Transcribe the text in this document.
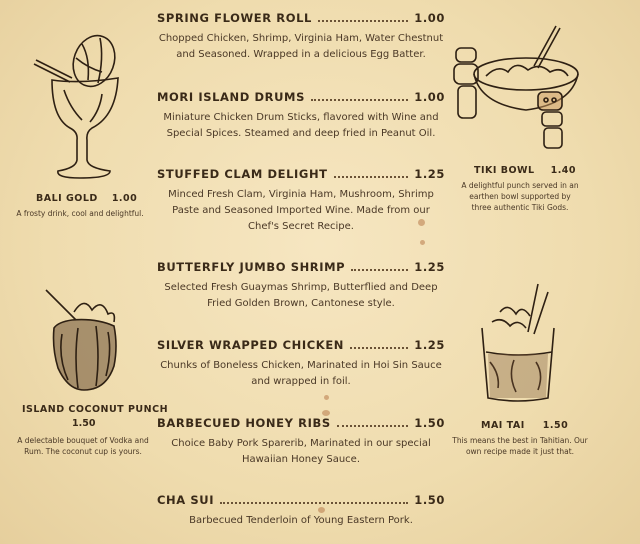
SPRING FLOWER ROLL	1.00
Chopped Chicken, Shrimp, Virginia Ham, Water Chestnut and Seasoned. Wrapped in a delicious Egg Batter.
MORI ISLAND DRUMS	1.00
Miniature Chicken Drum Sticks, flavored with Wine and Special Spices. Steamed and deep fried in Peanut Oil.
STUFFED CLAM DELIGHT	1.25
Minced Fresh Clam, Virginia Ham, Mushroom, Shrimp Paste and Seasoned Imported Wine. Made from our Chef's Secret Recipe.
BUTTERFLY JUMBO SHRIMP	1.25
Selected Fresh Guaymas Shrimp, Butterflied and Deep Fried Golden Brown, Cantonese style.
SILVER WRAPPED CHICKEN	1.25
Chunks of Boneless Chicken, Marinated in Hoi Sin Sauce and wrapped in foil.
BARBECUED HONEY RIBS	1.50
Choice Baby Pork Sparerib, Marinated in our special Hawaiian Honey Sauce.
CHA SUI	1.50
Barbecued Tenderloin of Young Eastern Pork.
BALI GOLD 1.00
A frosty drink, cool and delightful.
ISLAND COCONUT PUNCH
1.50
A delectable bouquet of Vodka and Rum. The coconut cup is yours.
TIKI BOWL 1.40
A delightful punch served in an earthen bowl supported by three authentic Tiki Gods.
MAI TAI 1.50
This means the best in Tahitian. Our own recipe made it just that.
